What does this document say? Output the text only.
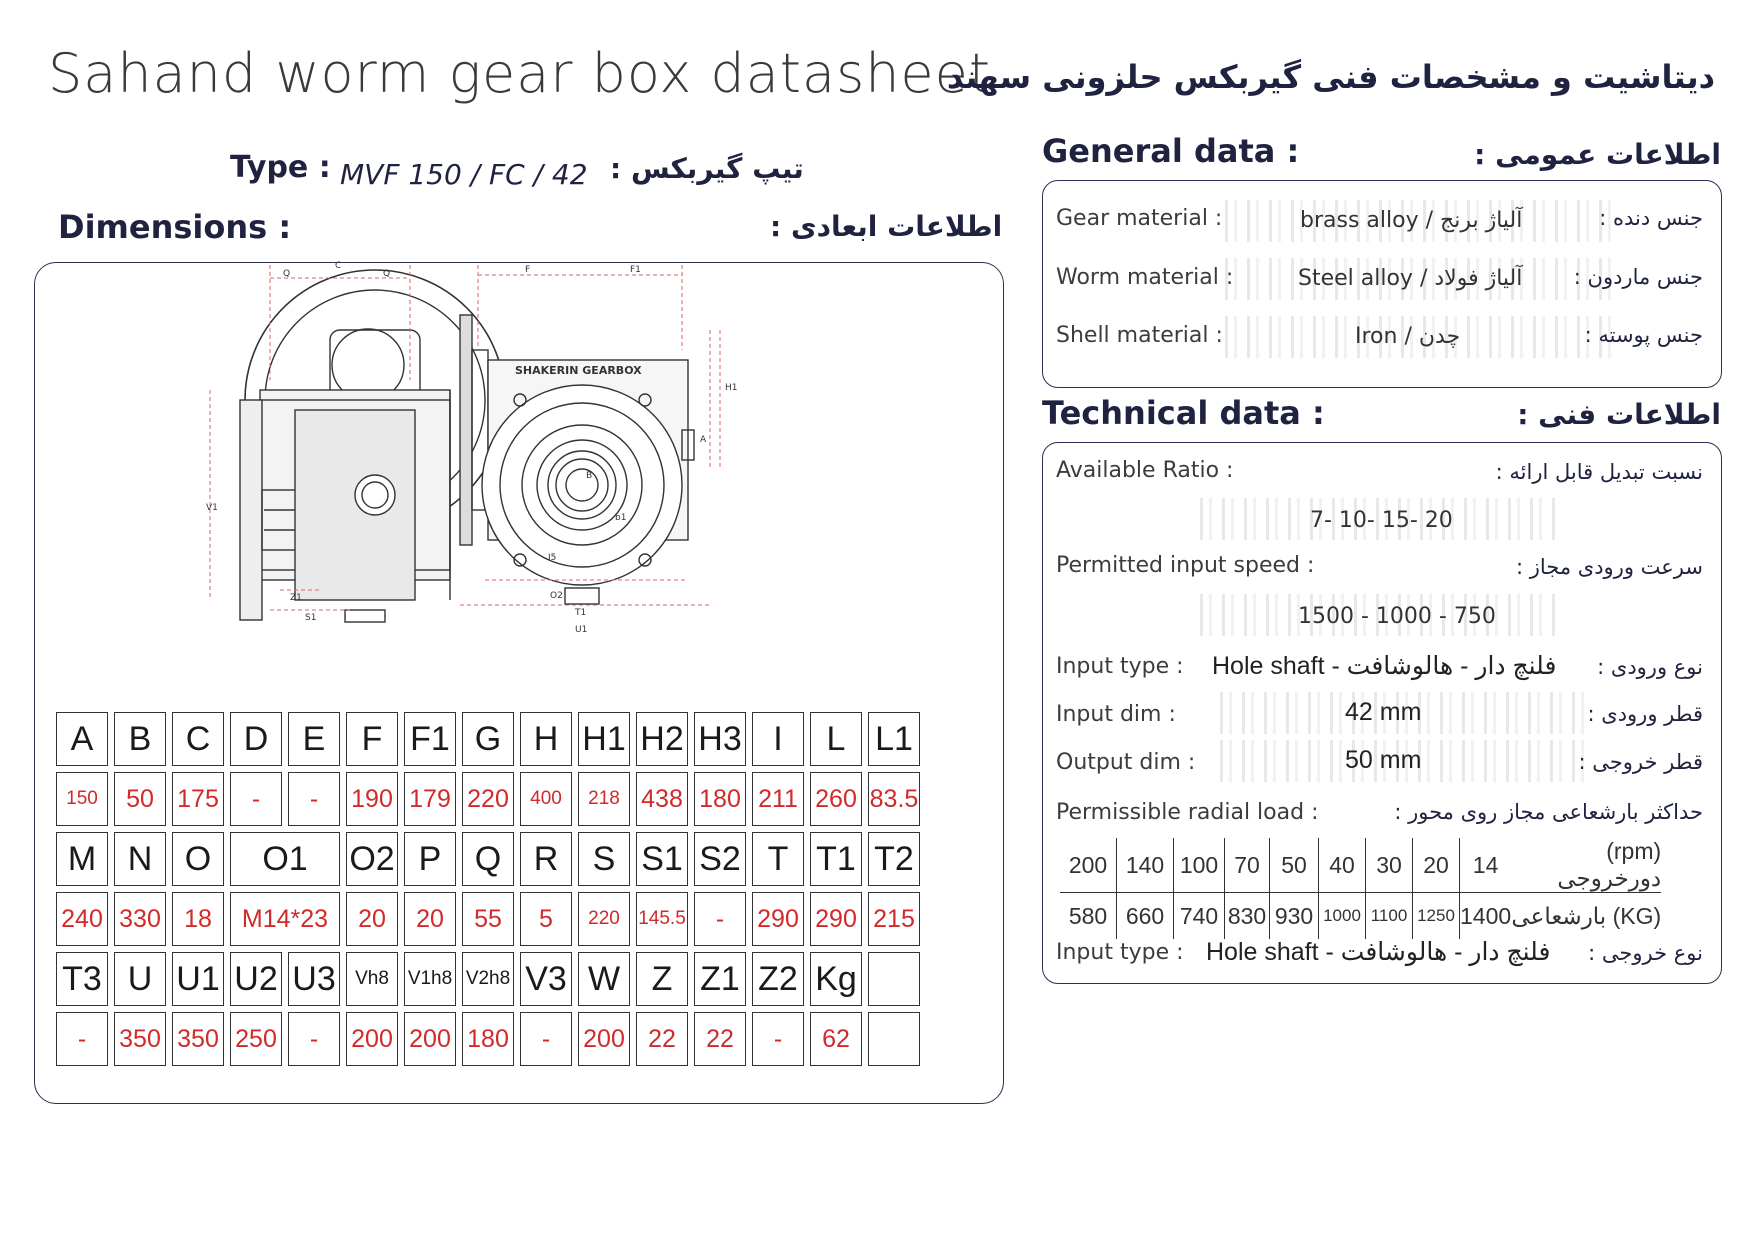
Sahand worm gear box datasheet
دیتاشیت و مشخصات فنی گیربکس حلزونی سهند
Type : MVF 150 / FC / 42 تیپ گیربکس :
Dimensions :	اطلاعات ابعادی :
C
Q	Q	F	F1
H1
A
V1
Z1
S1
O2
T1
U1
B
b1
I5
SHAKERIN GEARBOX
A	B	C	D	E	F	F1	G	H	H1	H2	H3	I	L	L1
150	50	175	-	-	190	179	220	400	218	438	180	211	260	83.5
M	N	O	O1		O2	P	Q	R	S	S1	S2	T	T1	T2
240	330	18	M14*23		20	20	55	5	220	145.5	-	290	290	215
T3	U	U1	U2	U3	Vh8	V1h8	V2h8	V3	W	Z	Z1	Z2	Kg	
-	350	350	250	-	200	200	180	-	200	22	22	-	62	
General data :	اطلاعات عمومی :
Gear material :	brass alloy / آلیاژ برنج	جنس دنده :
Worm material :	Steel alloy / آلیاژ فولاد جنس ماردون :
Shell material :	Iron / چدن	جنس پوسته :
Technical data :	اطلاعات فنی :
Available Ratio :	نسبت تبدیل قابل ارائه :
7- 10- 15- 20
Permitted input speed :	سرعت ورودی مجاز :
1500 - 1000 - 750
Input type : Hole shaft - فلنچ دار - هالوشافت نوع ورودی :
Input dim :	42 mm	قطر ورودی :
Output dim :	50 mm	قطر خروجی :
Permissible radial load :	حداکثر بارشعاعی مجاز روی محور :
200	140	100	70	50	40	30	20	14	(rpm) دورخروجی
580	660	740	830	930	1000	1100	1250	1400	(KG) بارشعاعی
Input type : Hole shaft - فلنچ دار - هالوشافت نوع خروجی :
